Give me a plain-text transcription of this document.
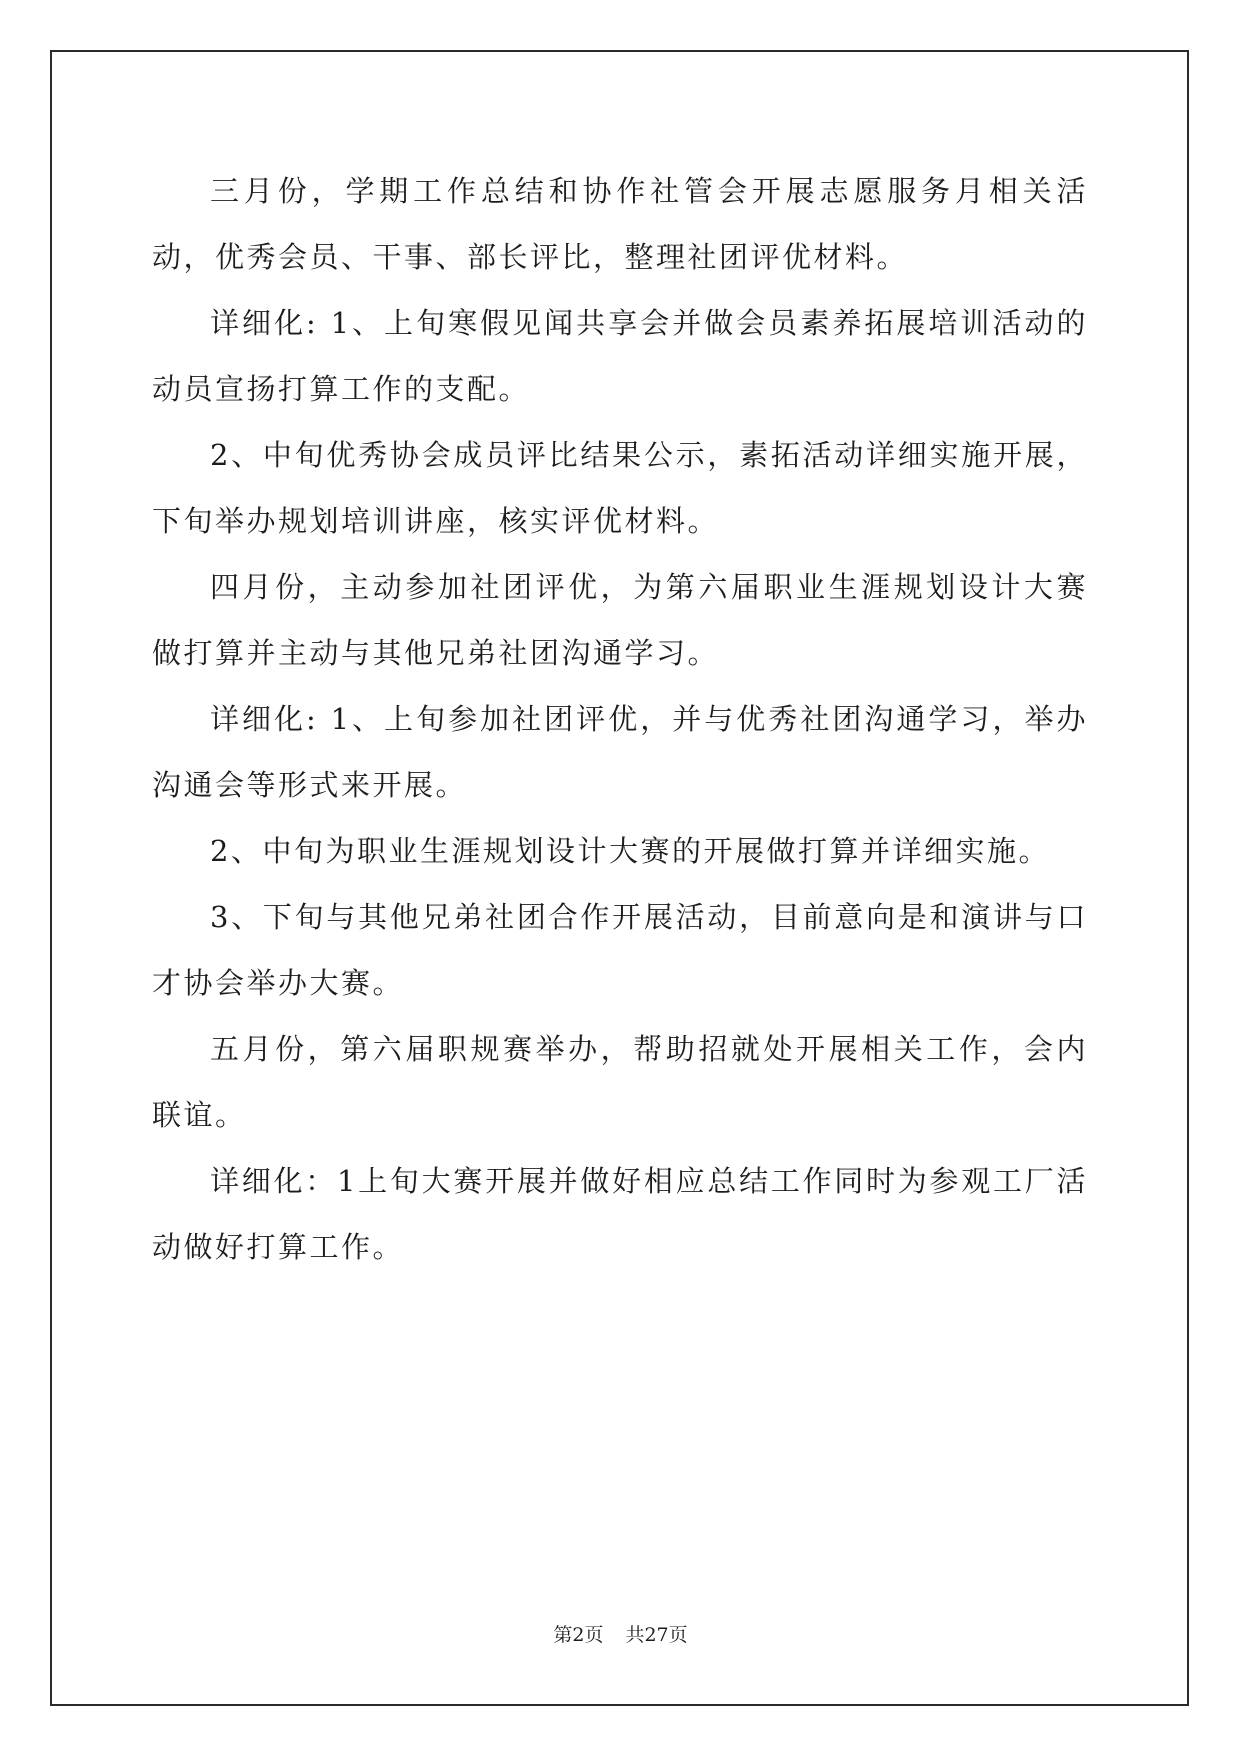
三月份，学期工作总结和协作社管会开展志愿服务月相关活动，优秀会员、干事、部长评比，整理社团评优材料。

详细化: 1、上旬寒假见闻共享会并做会员素养拓展培训活动的动员宣扬打算工作的支配。

2、中旬优秀协会成员评比结果公示，素拓活动详细实施开展，下旬举办规划培训讲座，核实评优材料。

四月份，主动参加社团评优，为第六届职业生涯规划设计大赛做打算并主动与其他兄弟社团沟通学习。

详细化: 1、上旬参加社团评优，并与优秀社团沟通学习，举办沟通会等形式来开展。

2、中旬为职业生涯规划设计大赛的开展做打算并详细实施。

3、下旬与其他兄弟社团合作开展活动，目前意向是和演讲与口才协会举办大赛。

五月份，第六届职规赛举办，帮助招就处开展相关工作，会内联谊。

详细化：1上旬大赛开展并做好相应总结工作同时为参观工厂活动做好打算工作。

第2页 共27页
